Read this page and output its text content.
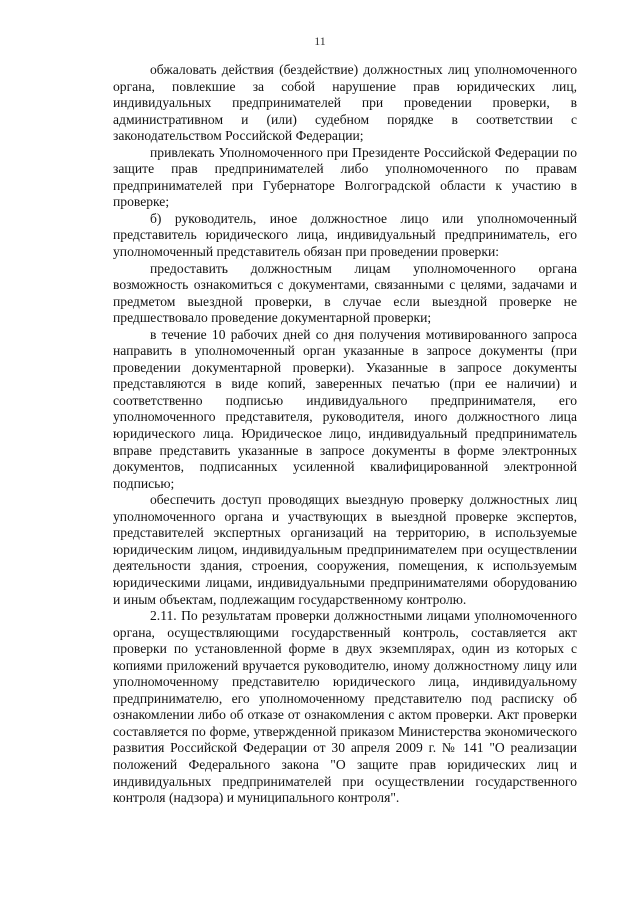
11

обжаловать действия (бездействие) должностных лиц уполномоченного органа, повлекшие за собой нарушение прав юридических лиц, индивидуальных предпринимателей при проведении проверки, в административном и (или) судебном порядке в соответствии с законодательством Российской Федерации;

привлекать Уполномоченного при Президенте Российской Федерации по защите прав предпринимателей либо уполномоченного по правам предпринимателей при Губернаторе Волгоградской области к участию в проверке;

б) руководитель, иное должностное лицо или уполномоченный представитель юридического лица, индивидуальный предприниматель, его уполномоченный представитель обязан при проведении проверки:

предоставить должностным лицам уполномоченного органа возможность ознакомиться с документами, связанными с целями, задачами и предметом выездной проверки, в случае если выездной проверке не предшествовало проведение документарной проверки;

в течение 10 рабочих дней со дня получения мотивированного запроса направить в уполномоченный орган указанные в запросе документы (при проведении документарной проверки). Указанные в запросе документы представляются в виде копий, заверенных печатью (при ее наличии) и соответственно подписью индивидуального предпринимателя, его уполномоченного представителя, руководителя, иного должностного лица юридического лица. Юридическое лицо, индивидуальный предприниматель вправе представить указанные в запросе документы в форме электронных документов, подписанных усиленной квалифицированной электронной подписью;

обеспечить доступ проводящих выездную проверку должностных лиц уполномоченного органа и участвующих в выездной проверке экспертов, представителей экспертных организаций на территорию, в используемые юридическим лицом, индивидуальным предпринимателем при осуществлении деятельности здания, строения, сооружения, помещения, к используемым юридическими лицами, индивидуальными предпринимателями оборудованию и иным объектам, подлежащим государственному контролю.

2.11. По результатам проверки должностными лицами уполномоченного органа, осуществляющими государственный контроль, составляется акт проверки по установленной форме в двух экземплярах, один из которых с копиями приложений вручается руководителю, иному должностному лицу или уполномоченному представителю юридического лица, индивидуальному предпринимателю, его уполномоченному представителю под расписку об ознакомлении либо об отказе от ознакомления с актом проверки. Акт проверки составляется по форме, утвержденной приказом Министерства экономического развития Российской Федерации от 30 апреля 2009 г. № 141 "О реализации положений Федерального закона "О защите прав юридических лиц и индивидуальных предпринимателей при осуществлении государственного контроля (надзора) и муниципального контроля".
